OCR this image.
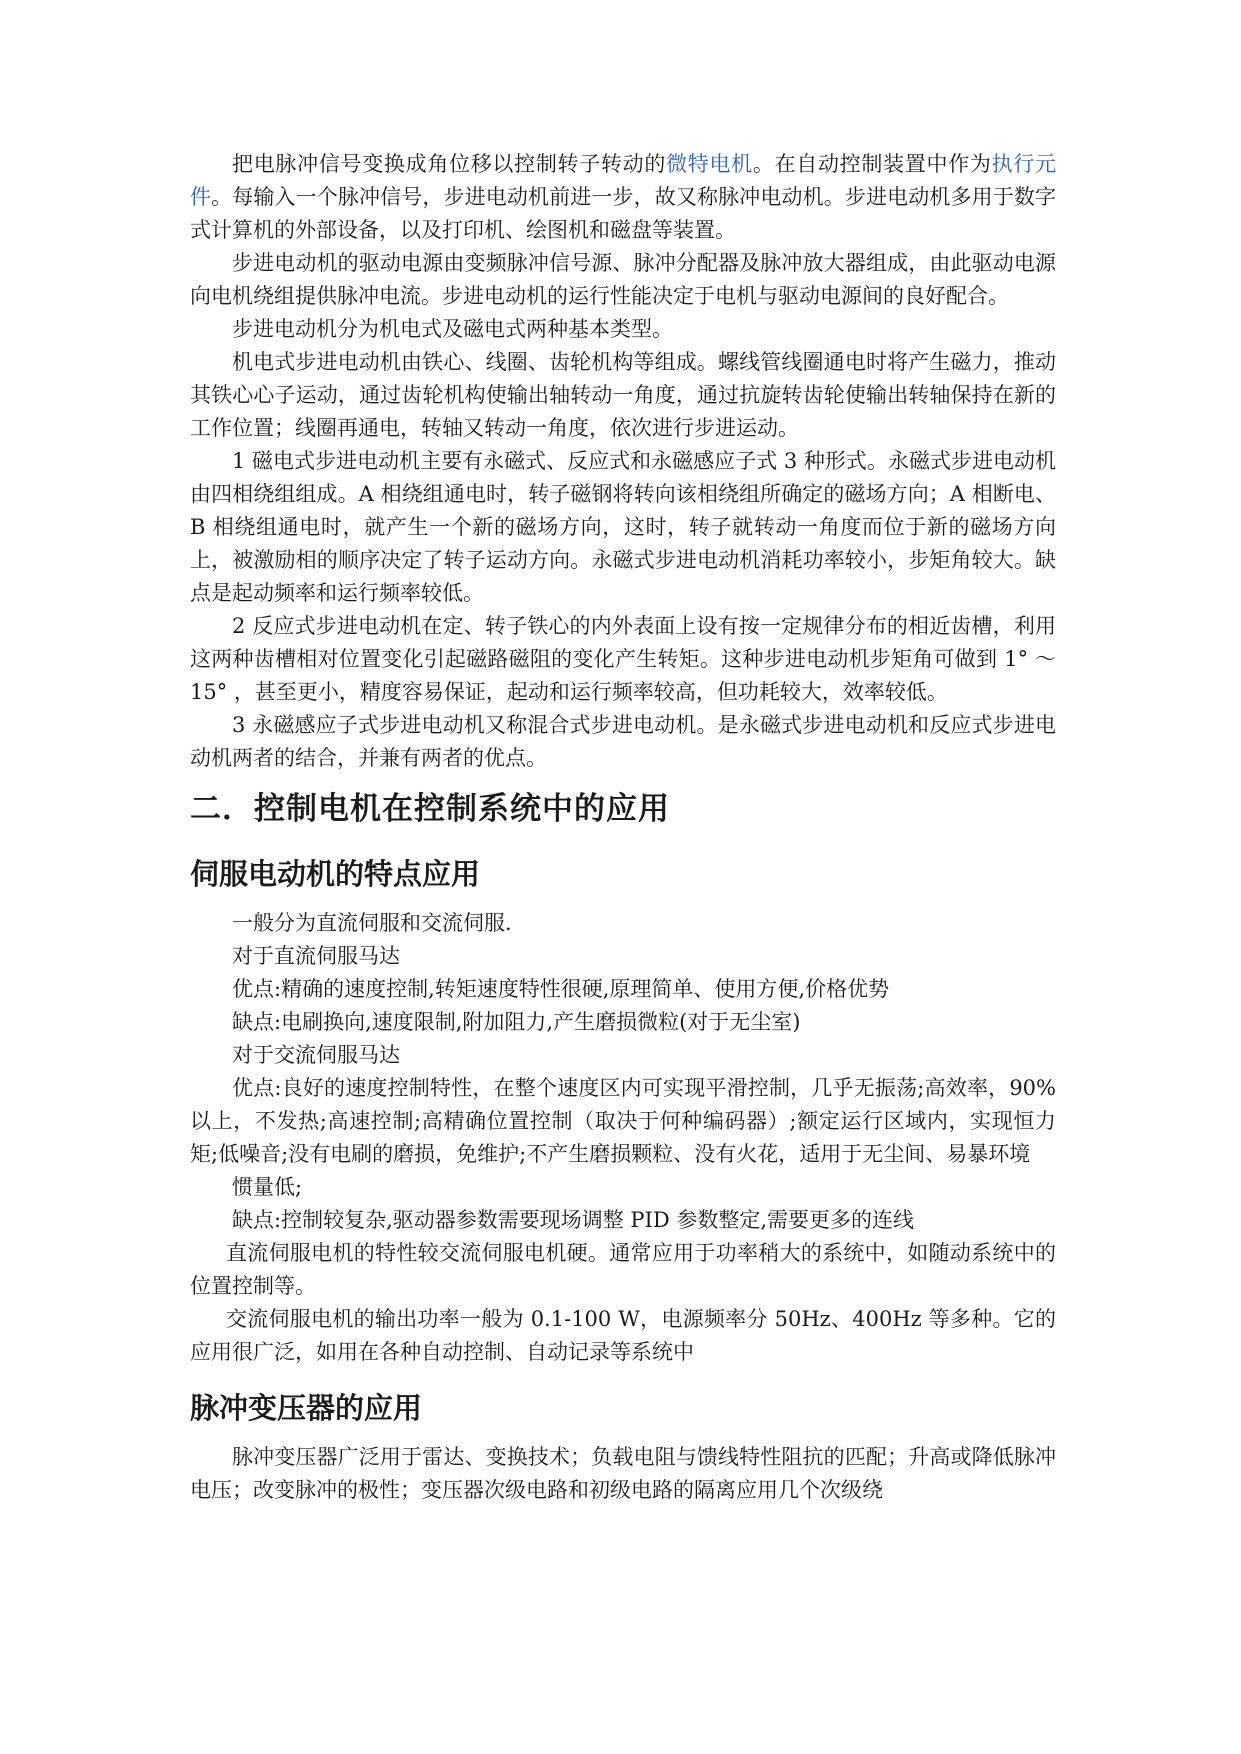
把电脉冲信号变换成角位移以控制转子转动的微特电机。在自动控制装置中作为执行元件。每输入一个脉冲信号，步进电动机前进一步，故又称脉冲电动机。步进电动机多用于数字式计算机的外部设备，以及打印机、绘图机和磁盘等装置。

步进电动机的驱动电源由变频脉冲信号源、脉冲分配器及脉冲放大器组成，由此驱动电源向电机绕组提供脉冲电流。步进电动机的运行性能决定于电机与驱动电源间的良好配合。

步进电动机分为机电式及磁电式两种基本类型。

机电式步进电动机由铁心、线圈、齿轮机构等组成。螺线管线圈通电时将产生磁力，推动其铁心心子运动，通过齿轮机构使输出轴转动一角度，通过抗旋转齿轮使输出转轴保持在新的工作位置；线圈再通电，转轴又转动一角度，依次进行步进运动。

1 磁电式步进电动机主要有永磁式、反应式和永磁感应子式 3 种形式。永磁式步进电动机由四相绕组组成。A 相绕组通电时，转子磁钢将转向该相绕组所确定的磁场方向；A 相断电、B 相绕组通电时，就产生一个新的磁场方向，这时，转子就转动一角度而位于新的磁场方向上，被激励相的顺序决定了转子运动方向。永磁式步进电动机消耗功率较小，步矩角较大。缺点是起动频率和运行频率较低。

2 反应式步进电动机在定、转子铁心的内外表面上设有按一定规律分布的相近齿槽，利用这两种齿槽相对位置变化引起磁路磁阻的变化产生转矩。这种步进电动机步矩角可做到 1° ～15° ，甚至更小，精度容易保证，起动和运行频率较高，但功耗较大，效率较低。

3 永磁感应子式步进电动机又称混合式步进电动机。是永磁式步进电动机和反应式步进电动机两者的结合，并兼有两者的优点。

二．控制电机在控制系统中的应用
伺服电动机的特点应用

一般分为直流伺服和交流伺服.

对于直流伺服马达

优点:精确的速度控制,转矩速度特性很硬,原理简单、使用方便,价格优势

缺点:电刷换向,速度限制,附加阻力,产生磨损微粒(对于无尘室)

对于交流伺服马达

优点:良好的速度控制特性，在整个速度区内可实现平滑控制，几乎无振荡;高效率，90%以上，不发热;高速控制;高精确位置控制（取决于何种编码器）;额定运行区域内，实现恒力矩;低噪音;没有电刷的磨损，免维护;不产生磨损颗粒、没有火花，适用于无尘间、易暴环境

惯量低;

缺点:控制较复杂,驱动器参数需要现场调整 PID 参数整定,需要更多的连线

直流伺服电机的特性较交流伺服电机硬。通常应用于功率稍大的系统中，如随动系统中的位置控制等。

交流伺服电机的输出功率一般为 0.1-100 W，电源频率分 50Hz、400Hz 等多种。它的应用很广泛，如用在各种自动控制、自动记录等系统中

脉冲变压器的应用

脉冲变压器广泛用于雷达、变换技术；负载电阻与馈线特性阻抗的匹配；升高或降低脉冲电压；改变脉冲的极性；变压器次级电路和初级电路的隔离应用几个次级绕
